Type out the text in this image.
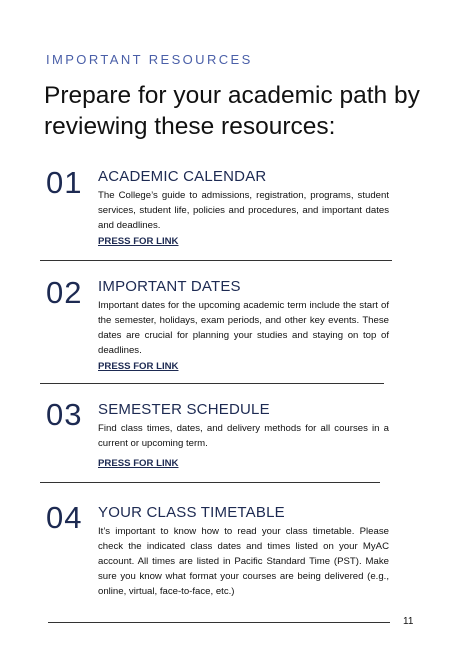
IMPORTANT RESOURCES
Prepare for your academic path by reviewing these resources:
01 ACADEMIC CALENDAR

The College’s guide to admissions, registration, programs, student services, student life, policies and procedures, and important dates and deadlines.

PRESS FOR LINK
02 IMPORTANT DATES

Important dates for the upcoming academic term include the start of the semester, holidays, exam periods, and other key events. These dates are crucial for planning your studies and staying on top of deadlines.

PRESS FOR LINK
03 SEMESTER SCHEDULE

Find class times, dates, and delivery methods for all courses in a current or upcoming term.

PRESS FOR LINK
04 YOUR CLASS TIMETABLE

It’s important to know how to read your class timetable. Please check the indicated class dates and times listed on your MyAC account. All times are listed in Pacific Standard Time (PST). Make sure you know what format your courses are being delivered (e.g., online, virtual, face-to-face, etc.)

11
